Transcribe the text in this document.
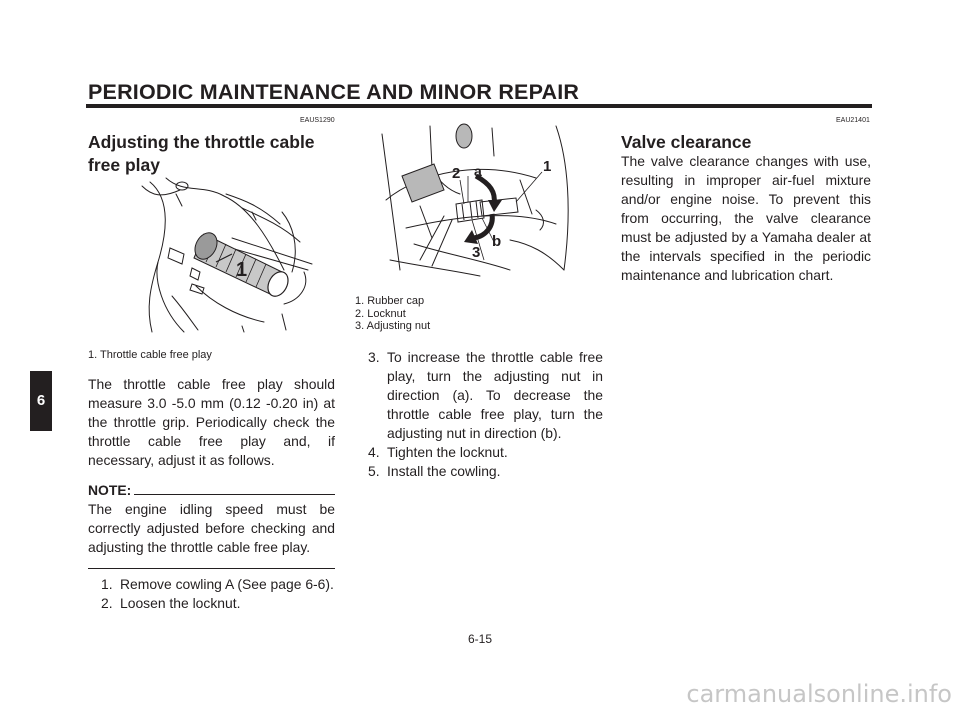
PERIODIC MAINTENANCE AND MINOR REPAIR
6
EAUS1290
Adjusting the throttle cable
free play
1
1. Throttle cable free play

The throttle cable free play should measure 3.0 -5.0 mm (0.12 -0.20 in) at the throttle grip. Periodically check the throttle cable free play and, if necessary, adjust it as follows.

NOTE:

The engine idling speed must be correctly adjusted before checking and adjusting the throttle cable free play.

1. Remove cowling A (See page 6-6).
2. Loosen the locknut.
1
2
3
a
b
1. Rubber cap
2. Locknut
3. Adjusting nut
3. To increase the throttle cable free play, turn the adjusting nut in direction (a). To decrease the throttle cable free play, turn the adjusting nut in direction (b).
4. Tighten the locknut.
5. Install the cowling.
EAU21401
Valve clearance

The valve clearance changes with use, resulting in improper air-fuel mixture and/or engine noise. To prevent this from occurring, the valve clearance must be adjusted by a Yamaha dealer at the intervals specified in the periodic maintenance and lubrication chart.

6-15
carmanualsonline.info
